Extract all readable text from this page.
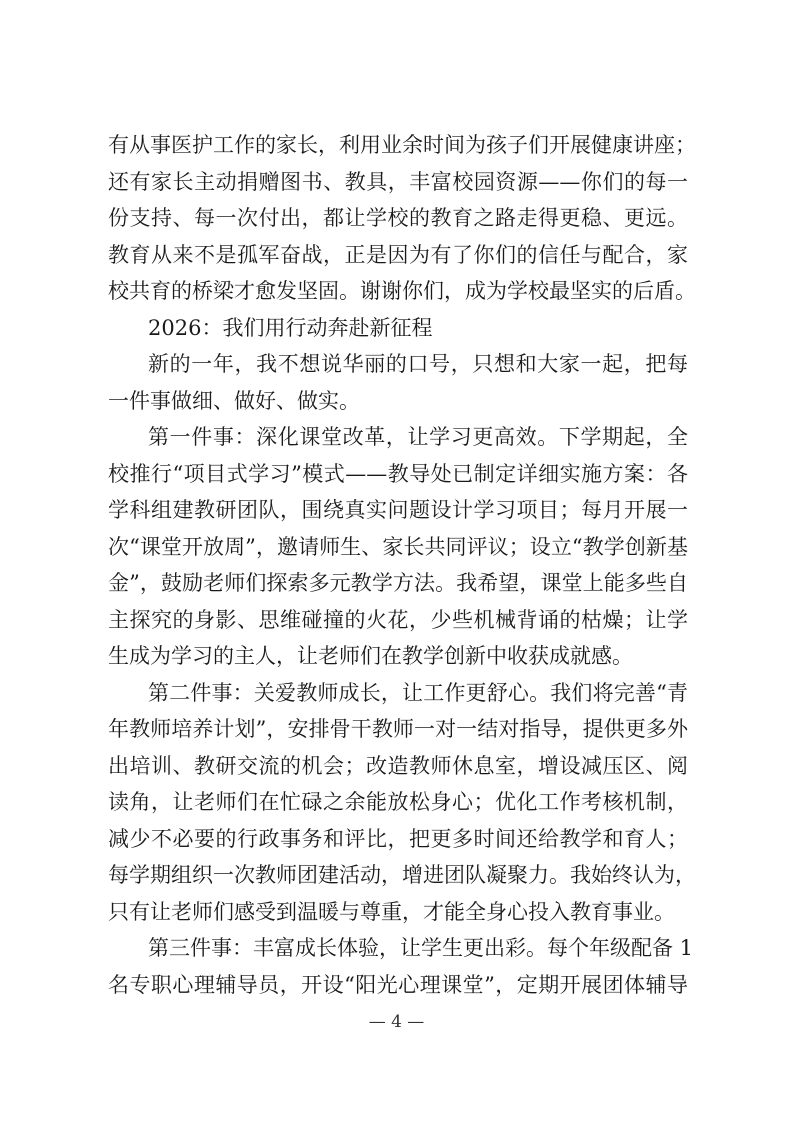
有从事医护工作的家长，利用业余时间为孩子们开展健康讲座；
还有家长主动捐赠图书、教具，丰富校园资源——你们的每一
份支持、每一次付出，都让学校的教育之路走得更稳、更远。
教育从来不是孤军奋战，正是因为有了你们的信任与配合，家
校共育的桥梁才愈发坚固。谢谢你们，成为学校最坚实的后盾。
2026：我们用行动奔赴新征程
新的一年，我不想说华丽的口号，只想和大家一起，把每
一件事做细、做好、做实。
第一件事：深化课堂改革，让学习更高效。下学期起，全
校推行“项目式学习”模式——教导处已制定详细实施方案：各
学科组建教研团队，围绕真实问题设计学习项目；每月开展一
次“课堂开放周”，邀请师生、家长共同评议；设立“教学创新基
金”，鼓励老师们探索多元教学方法。我希望，课堂上能多些自
主探究的身影、思维碰撞的火花，少些机械背诵的枯燥；让学
生成为学习的主人，让老师们在教学创新中收获成就感。
第二件事：关爱教师成长，让工作更舒心。我们将完善“青
年教师培养计划”，安排骨干教师一对一结对指导，提供更多外
出培训、教研交流的机会；改造教师休息室，增设减压区、阅
读角，让老师们在忙碌之余能放松身心；优化工作考核机制，
减少不必要的行政事务和评比，把更多时间还给教学和育人；
每学期组织一次教师团建活动，增进团队凝聚力。我始终认为，
只有让老师们感受到温暖与尊重，才能全身心投入教育事业。
第三件事：丰富成长体验，让学生更出彩。每个年级配备 1
名专职心理辅导员，开设“阳光心理课堂”，定期开展团体辅导
— 4 —
